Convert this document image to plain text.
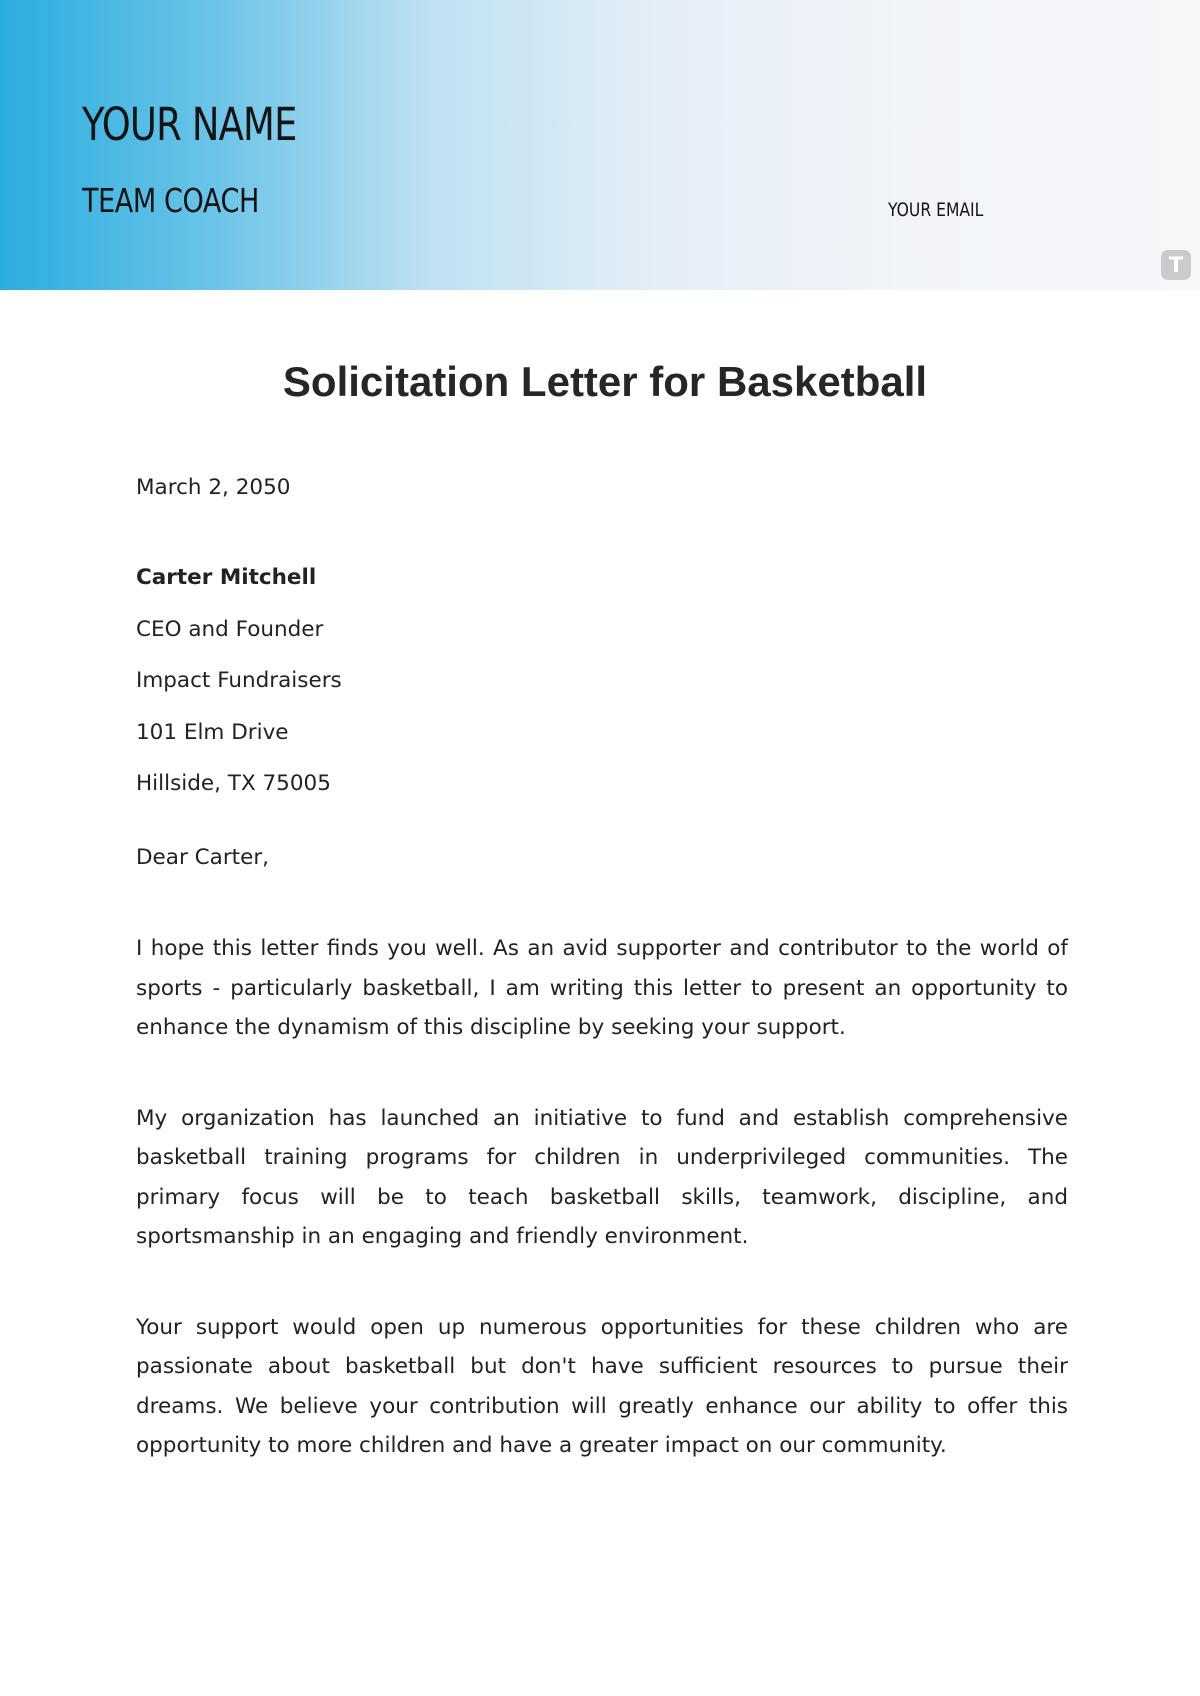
YOUR NAME
TEAM COACH	YOUR EMAIL
T
Solicitation Letter for Basketball

March 2, 2050

Carter Mitchell
CEO and Founder
Impact Fundraisers
101 Elm Drive
Hillside, TX 75005
Dear Carter,

I hope this letter finds you well. As an avid supporter and contributor to the world of sports - particularly basketball, I am writing this letter to present an opportunity to enhance the dynamism of this discipline by seeking your support.

My organization has launched an initiative to fund and establish comprehensive basketball training programs for children in underprivileged communities. The primary focus will be to teach basketball skills, teamwork, discipline, and sportsmanship in an engaging and friendly environment.

Your support would open up numerous opportunities for these children who are passionate about basketball but don't have sufficient resources to pursue their dreams. We believe your contribution will greatly enhance our ability to offer this opportunity to more children and have a greater impact on our community.
